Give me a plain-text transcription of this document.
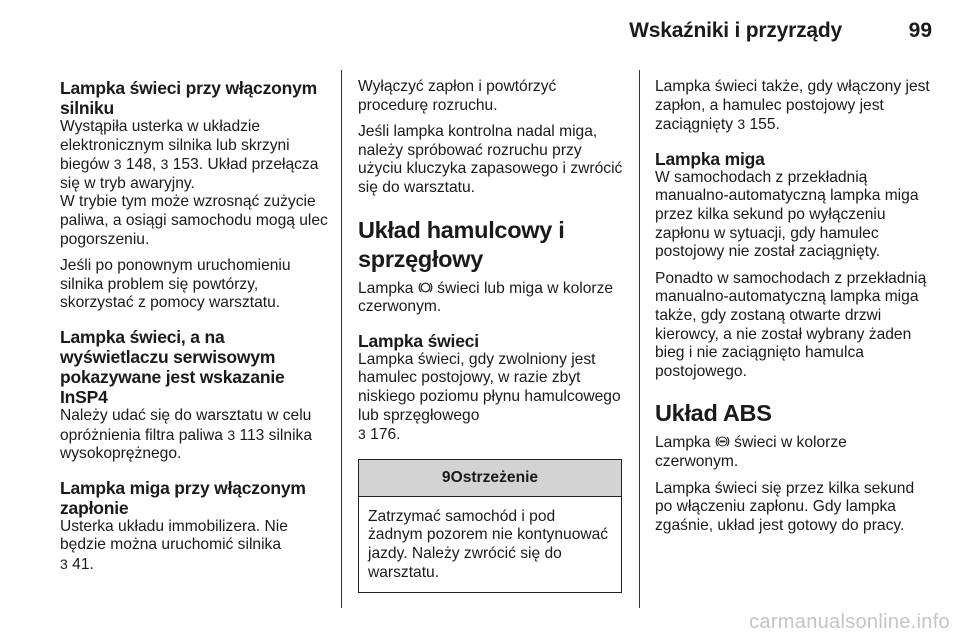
Wskaźniki i przyrządy	99
Lampka świeci przy włączonym silniku

Wystąpiła usterka w układzie elektronicznym silnika lub skrzyni biegów 3 148, 3 153. Układ przełącza się w tryb awaryjny.
W trybie tym może wzrosnąć zużycie paliwa, a osiągi samochodu mogą ulec pogorszeniu.

Jeśli po ponownym uruchomieniu silnika problem się powtórzy, skorzystać z pomocy warsztatu.

Lampka świeci, a na wyświetlaczu serwisowym pokazywane jest wskazanie InSP4

Należy udać się do warsztatu w celu opróżnienia filtra paliwa 3 113 silnika wysokoprężnego.

Lampka miga przy włączonym zapłonie

Usterka układu immobilizera. Nie będzie można uruchomić silnika
3 41.

Wyłączyć zapłon i powtórzyć procedurę rozruchu.

Jeśli lampka kontrolna nadal miga, należy spróbować rozruchu przy użyciu kluczyka zapasowego i zwrócić się do warsztatu.

Układ hamulcowy i sprzęgłowy

Lampka świeci lub miga w kolorze czerwonym.

Lampka świeci

Lampka świeci, gdy zwolniony jest hamulec postojowy, w razie zbyt niskiego poziomu płynu hamulcowego lub sprzęgłowego
3 176.

9Ostrzeżenie
Zatrzymać samochód i pod żadnym pozorem nie kontynuować jazdy. Należy zwrócić się do warsztatu.

Lampka świeci także, gdy włączony jest zapłon, a hamulec postojowy jest zaciągnięty 3 155.

Lampka miga

W samochodach z przekładnią manualno-automatyczną lampka miga przez kilka sekund po wyłączeniu zapłonu w sytuacji, gdy hamulec postojowy nie został zaciągnięty.

Ponadto w samochodach z przekładnią manualno-automatyczną lampka miga także, gdy zostaną otwarte drzwi kierowcy, a nie został wybrany żaden bieg i nie zaciągnięto hamulca postojowego.

Układ ABS

Lampka świeci w kolorze czerwonym.

Lampka świeci się przez kilka sekund po włączeniu zapłonu. Gdy lampka zgaśnie, układ jest gotowy do pracy.

carmanualsonline.info
